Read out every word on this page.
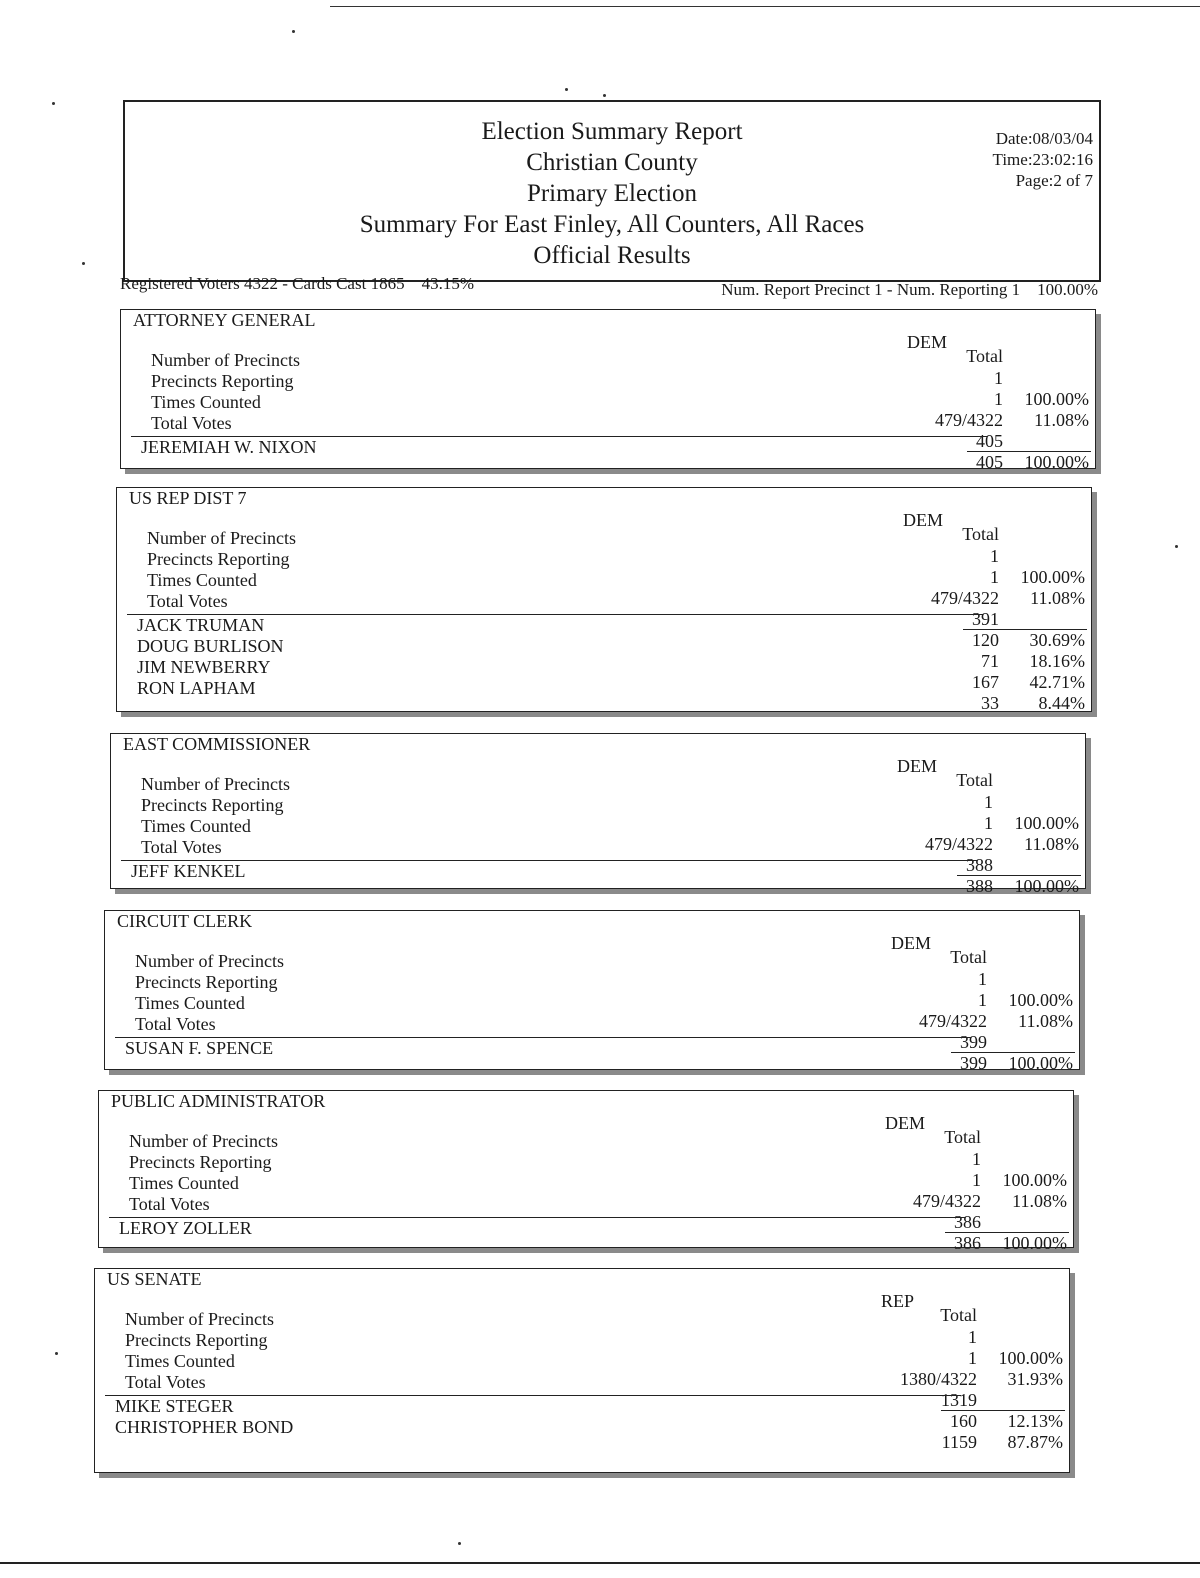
Election Summary Report
Christian County
Primary Election
Summary For East Finley, All Counters, All Races
Official Results
Date:08/03/04
Time:23:02:16
Page:2 of 7
Registered Voters 4322 - Cards Cast 1865 43.15%	Num. Report Precinct 1 - Num. Reporting 1 100.00%
ATTORNEY GENERAL
DEM
Total
Number of Precincts
Precincts Reporting
Times Counted
Total Votes
1
1 100.00%
479/4322 11.08%
405
JEREMIAH W. NIXON
405 100.00%
US REP DIST 7
DEM
Total
Number of Precincts
Precincts Reporting
Times Counted
Total Votes
1
1 100.00%
479/4322 11.08%
391
JACK TRUMAN
DOUG BURLISON
JIM NEWBERRY
RON LAPHAM
120 30.69%
71 18.16%
167 42.71%
33 8.44%
EAST COMMISSIONER
DEM
Total
Number of Precincts
Precincts Reporting
Times Counted
Total Votes
1
1 100.00%
479/4322 11.08%
388
JEFF KENKEL
388 100.00%
CIRCUIT CLERK
DEM
Total
Number of Precincts
Precincts Reporting
Times Counted
Total Votes
1
1 100.00%
479/4322 11.08%
399
SUSAN F. SPENCE
399 100.00%
PUBLIC ADMINISTRATOR
DEM
Total
Number of Precincts
Precincts Reporting
Times Counted
Total Votes
1
1 100.00%
479/4322 11.08%
386
LEROY ZOLLER
386 100.00%
US SENATE
REP
Total
Number of Precincts
Precincts Reporting
Times Counted
Total Votes
1
1 100.00%
1380/4322 31.93%
1319
MIKE STEGER
CHRISTOPHER BOND	160 12.13%
1159 87.87%
